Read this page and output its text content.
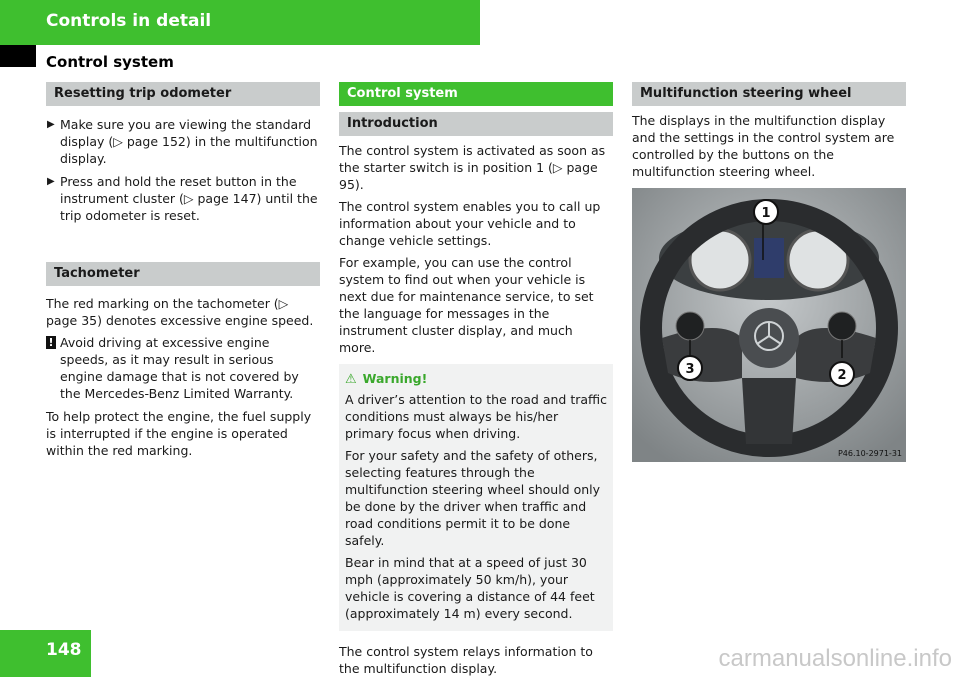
Controls in detail
Control system
Resetting trip odometer
▶ Make sure you are viewing the standard display (▷ page 152) in the multifunction display.
▶ Press and hold the reset button in the instrument cluster (▷ page 147) until the trip odometer is reset.
Tachometer

The red marking on the tachometer (▷ page 35) denotes excessive engine speed.

! Avoid driving at excessive engine speeds, as it may result in serious engine damage that is not covered by the Mercedes-Benz Limited Warranty.

To help protect the engine, the fuel supply is interrupted if the engine is operated within the red marking.

Control system
Introduction

The control system is activated as soon as the starter switch is in position 1 (▷ page 95).

The control system enables you to call up information about your vehicle and to change vehicle settings.

For example, you can use the control system to find out when your vehicle is next due for maintenance service, to set the language for messages in the instrument cluster display, and much more.

⚠ Warning!

A driver’s attention to the road and traffic conditions must always be his/her primary focus when driving.

For your safety and the safety of others, selecting features through the multifunction steering wheel should only be done by the driver when traffic and road conditions permit it to be done safely.

Bear in mind that at a speed of just 30 mph (approximately 50 km/h), your vehicle is covering a distance of 44 feet (approximately 14 m) every second.

The control system relays information to the multifunction display.

Multifunction steering wheel

The displays in the multifunction display and the settings in the control system are controlled by the buttons on the multifunction steering wheel.

1
2
3
P46.10-2971-31
148	carmanualsonline.info
